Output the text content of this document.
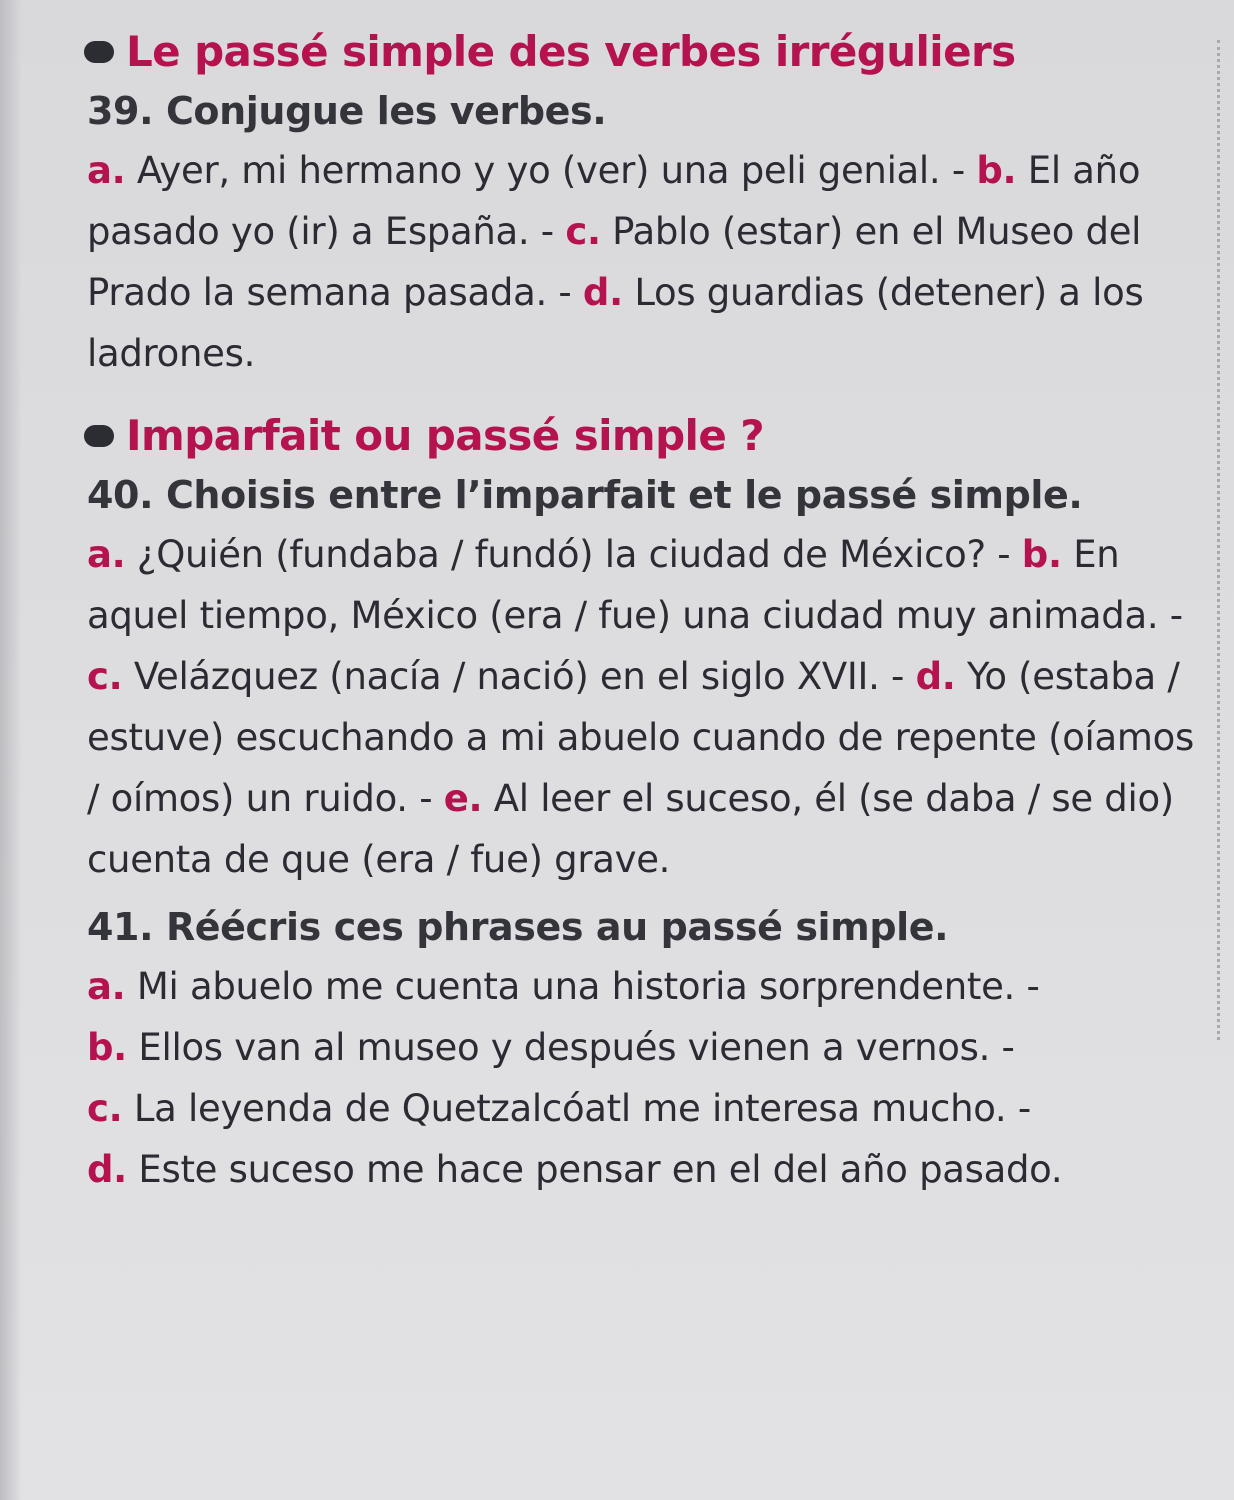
Le passé simple des verbes irréguliers
39. Conjugue les verbes.

a. Ayer, mi hermano y yo (ver) una peli genial. - b. El año pasado yo (ir) a España. - c. Pablo (estar) en el Museo del Prado la semana pasada. - d. Los guardias (detener) a los ladrones.

Imparfait ou passé simple ?
40. Choisis entre l’imparfait et le passé simple.

a. ¿Quién (fundaba / fundó) la ciudad de México? - b. En aquel tiempo, México (era / fue) una ciudad muy animada. - c. Velázquez (nacía / nació) en el siglo XVII. - d. Yo (estaba / estuve) escuchando a mi abuelo cuando de repente (oíamos / oímos) un ruido. - e. Al leer el suceso, él (se daba / se dio) cuenta de que (era / fue) grave.

41. Réécris ces phrases au passé simple.

a. Mi abuelo me cuenta una historia sorprendente. -
b. Ellos van al museo y después vienen a vernos. -
c. La leyenda de Quetzalcóatl me interesa mucho. -
d. Este suceso me hace pensar en el del año pasado.
